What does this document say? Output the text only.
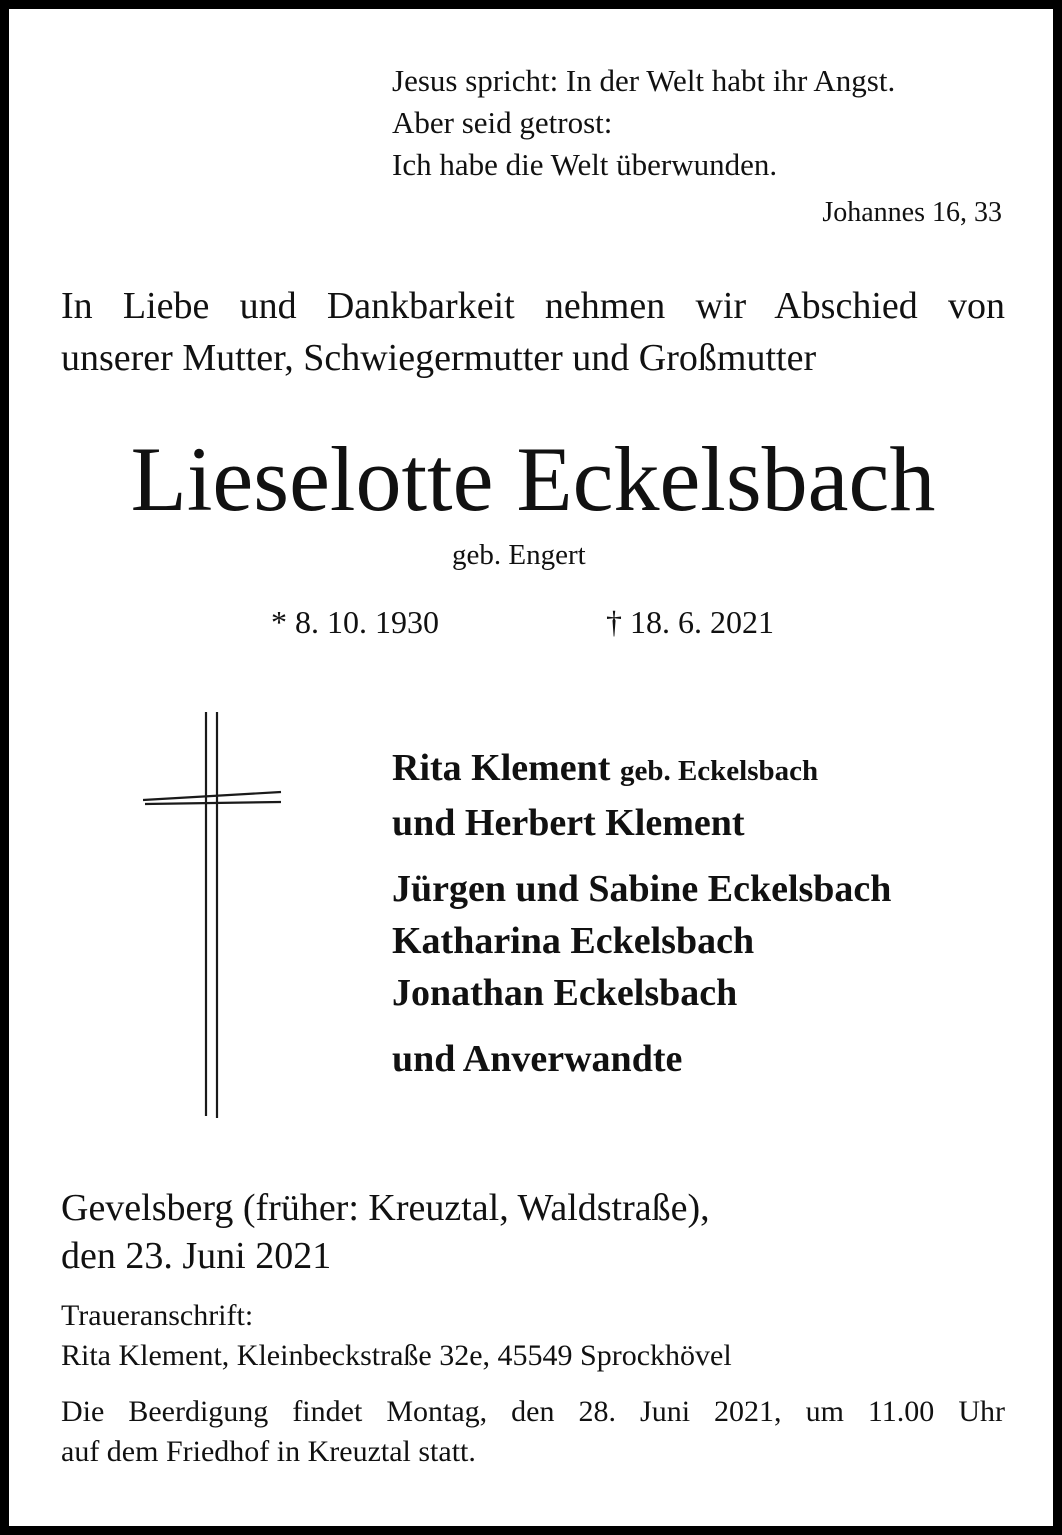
Jesus spricht: In der Welt habt ihr Angst.
Aber seid getrost:
Ich habe die Welt überwunden.
Johannes 16, 33
In Liebe und Dankbarkeit nehmen wir Abschied von
unserer Mutter, Schwiegermutter und Großmutter
Lieselotte Eckelsbach
geb. Engert
* 8. 10. 1930	† 18. 6. 2021
Rita Klement geb. Eckelsbach
und Herbert Klement
Jürgen und Sabine Eckelsbach
Katharina Eckelsbach
Jonathan Eckelsbach
und Anverwandte
Gevelsberg (früher: Kreuztal, Waldstraße),
den 23. Juni 2021
Traueranschrift:
Rita Klement, Kleinbeckstraße 32e, 45549 Sprockhövel
Die Beerdigung findet Montag, den 28. Juni 2021, um 11.00 Uhr
auf dem Friedhof in Kreuztal statt.
